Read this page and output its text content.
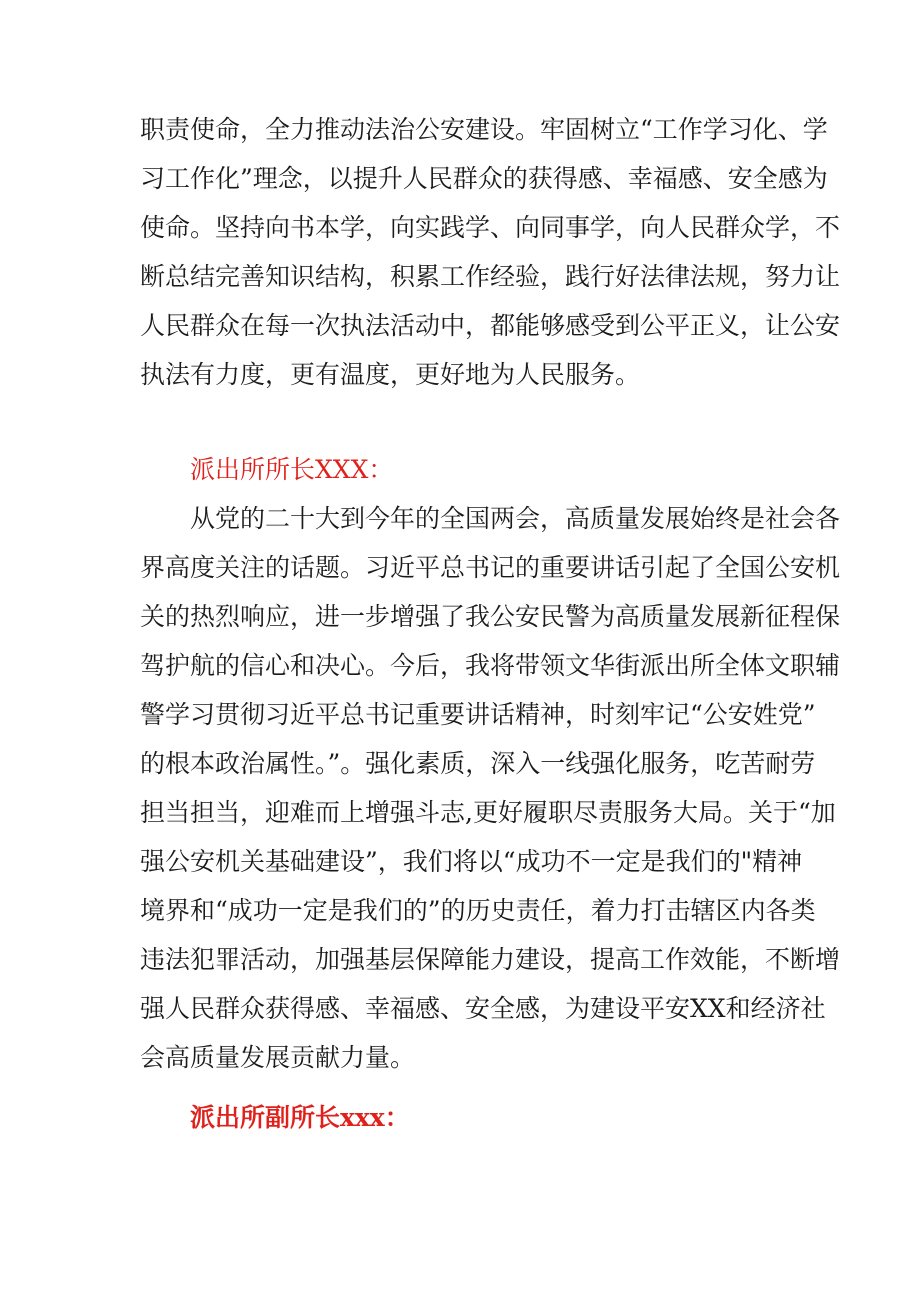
职责使命，全力推动法治公安建设。牢固树立“工作学习化、学
习工作化”理念，以提升人民群众的获得感、幸福感、安全感为
使命。坚持向书本学，向实践学、向同事学，向人民群众学，不
断总结完善知识结构，积累工作经验，践行好法律法规，努力让
人民群众在每一次执法活动中，都能够感受到公平正义，让公安
执法有力度，更有温度，更好地为人民服务。
派出所所长XXX：
从党的二十大到今年的全国两会，高质量发展始终是社会各
界高度关注的话题。习近平总书记的重要讲话引起了全国公安机
关的热烈响应，进一步增强了我公安民警为高质量发展新征程保
驾护航的信心和决心。今后，我将带领文华街派出所全体文职辅
警学习贯彻习近平总书记重要讲话精神，时刻牢记“公安姓党”
的根本政治属性。”。强化素质，深入一线强化服务，吃苦耐劳
担当担当，迎难而上增强斗志,更好履职尽责服务大局。关于“加
强公安机关基础建设”，我们将以“成功不一定是我们的"精神
境界和“成功一定是我们的”的历史责任，着力打击辖区内各类
违法犯罪活动，加强基层保障能力建设，提高工作效能，不断增
强人民群众获得感、幸福感、安全感，为建设平安XX和经济社
会高质量发展贡献力量。
派出所副所长xxx：
